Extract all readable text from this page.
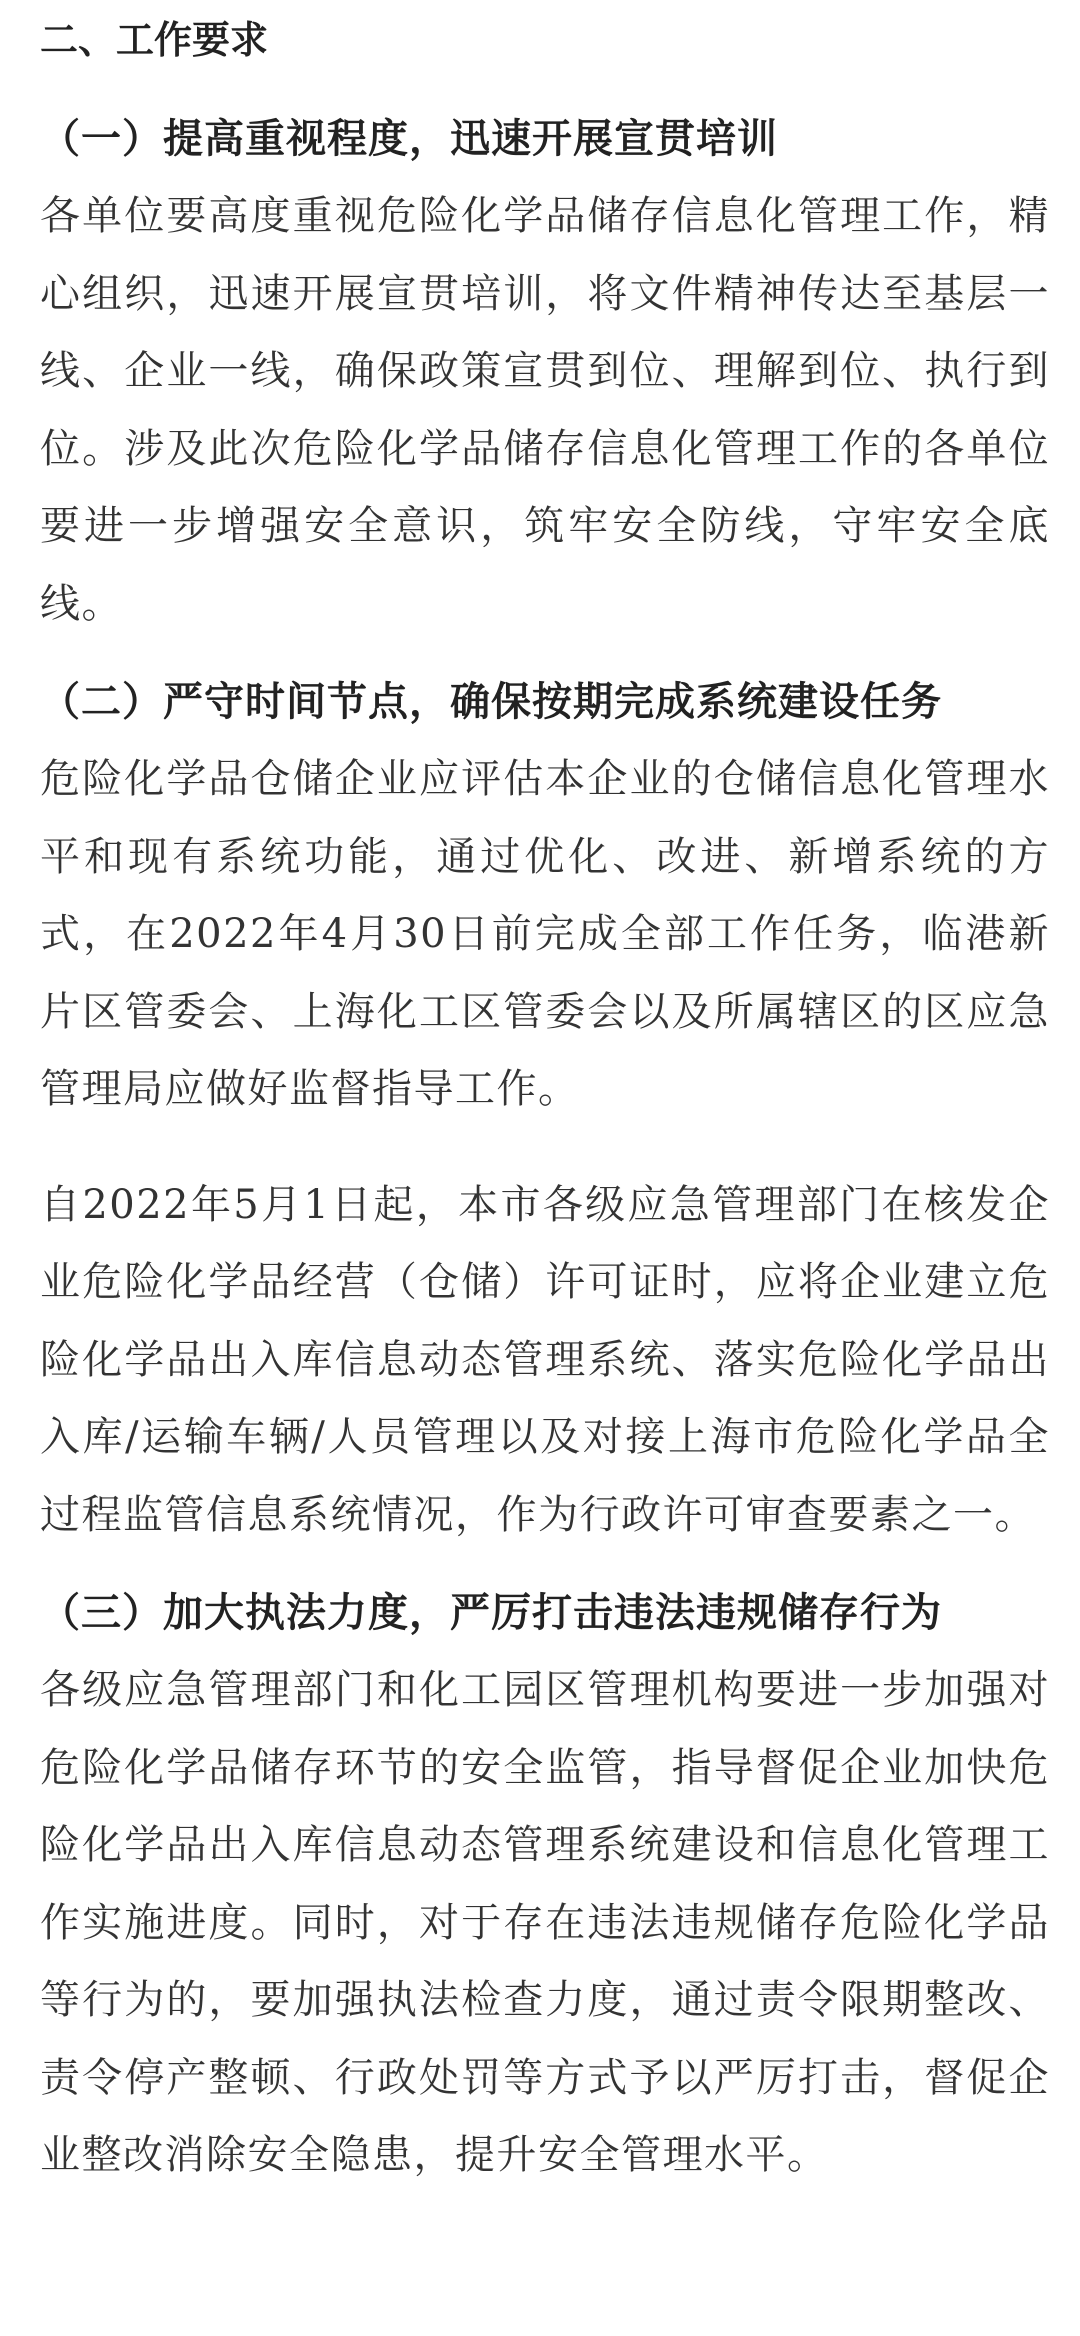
二、工作要求
（一）提高重视程度，迅速开展宣贯培训

各单位要高度重视危险化学品储存信息化管理工作，精心组织，迅速开展宣贯培训，将文件精神传达至基层一线、企业一线，确保政策宣贯到位、理解到位、执行到位。涉及此次危险化学品储存信息化管理工作的各单位要进一步增强安全意识，筑牢安全防线，守牢安全底线。

（二）严守时间节点，确保按期完成系统建设任务

危险化学品仓储企业应评估本企业的仓储信息化管理水平和现有系统功能，通过优化、改进、新增系统的方式，在2022年4月30日前完成全部工作任务，临港新片区管委会、上海化工区管委会以及所属辖区的区应急管理局应做好监督指导工作。

自2022年5月1日起，本市各级应急管理部门在核发企业危险化学品经营（仓储）许可证时，应将企业建立危险化学品出入库信息动态管理系统、落实危险化学品出入库/运输车辆/人员管理以及对接上海市危险化学品全过程监管信息系统情况，作为行政许可审查要素之一。

（三）加大执法力度，严厉打击违法违规储存行为

各级应急管理部门和化工园区管理机构要进一步加强对危险化学品储存环节的安全监管，指导督促企业加快危险化学品出入库信息动态管理系统建设和信息化管理工作实施进度。同时，对于存在违法违规储存危险化学品等行为的，要加强执法检查力度，通过责令限期整改、责令停产整顿、行政处罚等方式予以严厉打击，督促企业整改消除安全隐患，提升安全管理水平。
